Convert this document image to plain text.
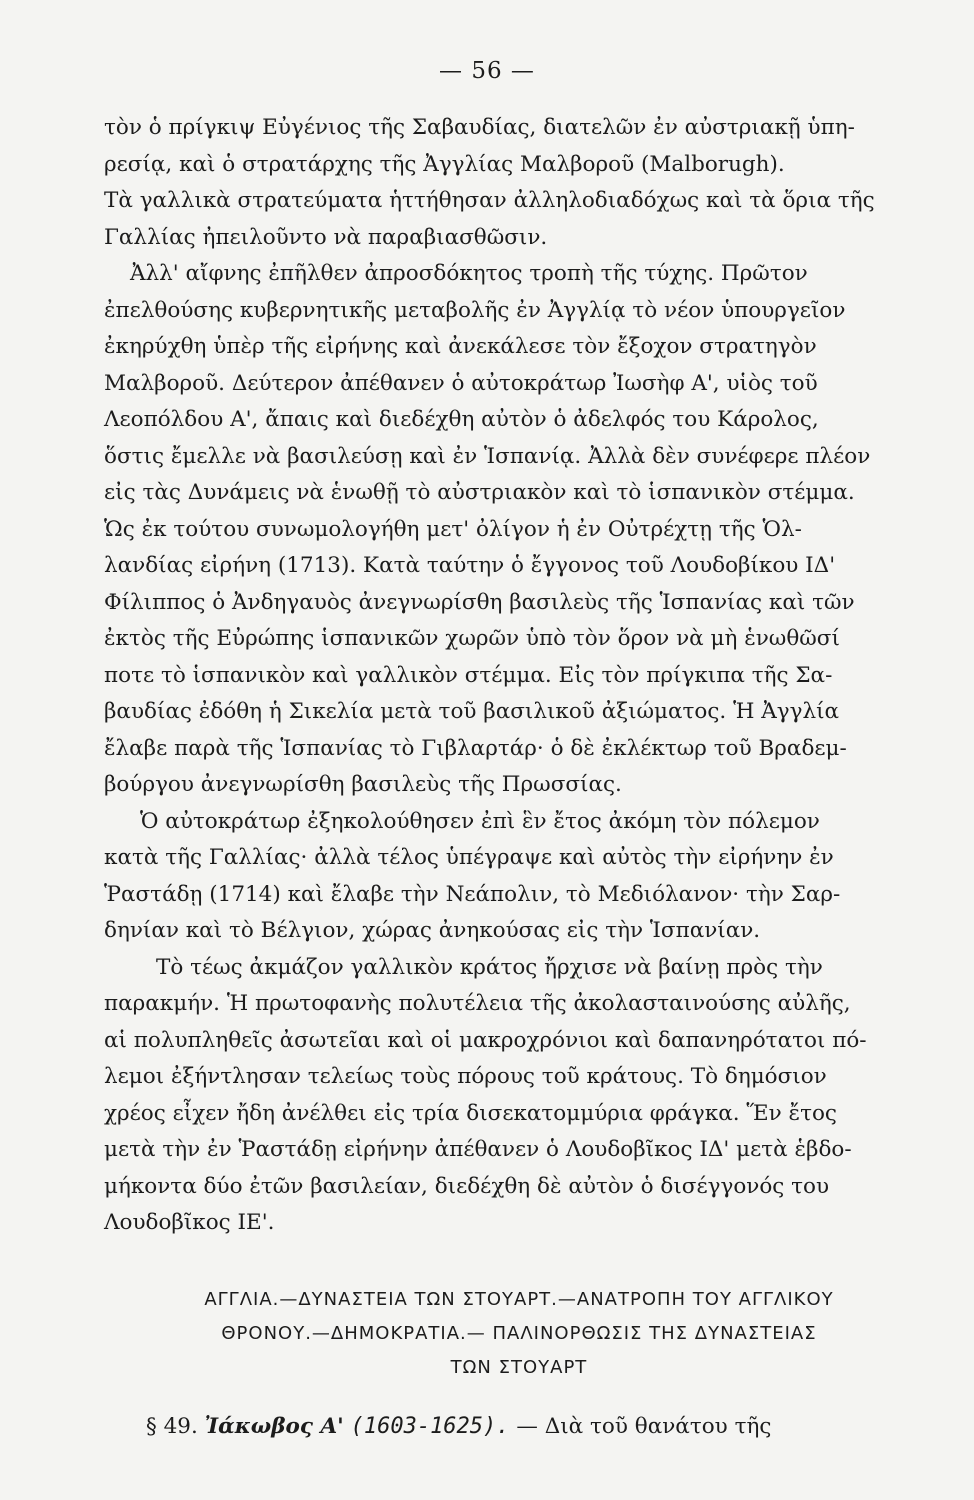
— 56 —

τὸν ὁ πρίγκιψ Εὐγένιος τῆς Σαβαυδίας, διατελῶν ἐν αὐστριακῇ ὑπη-

ρεσίᾳ, καὶ ὁ στρατάρχης τῆς Ἀγγλίας Μαλβορoῦ (Malborugh).

Τὰ γαλλικὰ στρατεύματα ἡττήθησαν ἀλληλοδιαδόχως καὶ τὰ ὅρια τῆς

Γαλλίας ἠπειλοῦντο νὰ παραβιασθῶσιν.

Ἀλλ' αἴφνης ἐπῆλθεν ἀπροσδόκητος τροπὴ τῆς τύχης. Πρῶτον

ἐπελθούσης κυβερνητικῆς μεταβολῆς ἐν Ἀγγλίᾳ τὸ νέον ὑπουργεῖον

ἐκηρύχθη ὑπὲρ τῆς εἰρήνης καὶ ἀνεκάλεσε τὸν ἔξοχον στρατηγὸν

Μαλβορoῦ. Δεύτερον ἀπέθανεν ὁ αὐτοκράτωρ Ἰωσὴφ Α', υἱὸς τοῦ

Λεοπόλδου Α', ἄπαις καὶ διεδέχθη αὐτὸν ὁ ἀδελφός του Κάρολος,

ὅστις ἔμελλε νὰ βασιλεύσῃ καὶ ἐν Ἱσπανίᾳ. Ἀλλὰ δὲν συνέφερε πλέον

εἰς τὰς Δυνάμεις νὰ ἑνωθῇ τὸ αὐστριακὸν καὶ τὸ ἱσπανικὸν στέμμα.

Ὡς ἐκ τούτου συνωμολογήθη μετ' ὀλίγον ἡ ἐν Οὐτρέχτῃ τῆς Ὁλ-

λανδίας εἰρήνη (1713). Κατὰ ταύτην ὁ ἔγγονος τοῦ Λουδοβίκου ΙΔ'

Φίλιππος ὁ Ἀνδηγαυὸς ἀνεγνωρίσθη βασιλεὺς τῆς Ἱσπανίας καὶ τῶν

ἐκτὸς τῆς Εὐρώπης ἱσπανικῶν χωρῶν ὑπὸ τὸν ὅρον νὰ μὴ ἑνωθῶσί

ποτε τὸ ἱσπανικὸν καὶ γαλλικὸν στέμμα. Εἰς τὸν πρίγκιπα τῆς Σα-

βαυδίας ἐδόθη ἡ Σικελία μετὰ τοῦ βασιλικοῦ ἀξιώματος. Ἡ Ἀγγλία

ἔλαβε παρὰ τῆς Ἱσπανίας τὸ Γιβλαρτάρ· ὁ δὲ ἐκλέκτωρ τοῦ Βραδεμ-

βούργου ἀνεγνωρίσθη βασιλεὺς τῆς Πρωσσίας.

Ὁ αὐτοκράτωρ ἐξηκολούθησεν ἐπὶ ἓν ἔτος ἀκόμη τὸν πόλεμον

κατὰ τῆς Γαλλίας· ἀλλὰ τέλος ὑπέγραψε καὶ αὐτὸς τὴν εἰρήνην ἐν

Ῥαστάδῃ (1714) καὶ ἔλαβε τὴν Νεάπολιν, τὸ Μεδιόλανον· τὴν Σαρ-

δηνίαν καὶ τὸ Βέλγιον, χώρας ἀνηκούσας εἰς τὴν Ἱσπανίαν.

Τὸ τέως ἀκμάζον γαλλικὸν κράτος ἤρχισε νὰ βαίνῃ πρὸς τὴν

παρακμήν. Ἡ πρωτοφανὴς πολυτέλεια τῆς ἀκολασταινούσης αὐλῆς,

αἱ πολυπληθεῖς ἀσωτεῖαι καὶ οἱ μακροχρόνιοι καὶ δαπανηρότατοι πό-

λεμοι ἐξήντλησαν τελείως τοὺς πόρους τοῦ κράτους. Τὸ δημόσιον

χρέος εἶχεν ἤδη ἀνέλθει εἰς τρία δισεκατομμύρια φράγκα. Ἕν ἔτος

μετὰ τὴν ἐν Ῥαστάδῃ εἰρήνην ἀπέθανεν ὁ Λουδοβῖκος ΙΔ' μετὰ ἑβδο-

μήκοντα δύο ἐτῶν βασιλείαν, διεδέχθη δὲ αὐτὸν ὁ δισέγγονός του

Λουδοβῖκος ΙΕ'.

ΑΓΓΛΙΑ.—ΔΥΝΑΣΤΕΙΑ ΤΩΝ ΣΤΟΥΑΡΤ.—ΑΝΑΤΡΟΠΗ ΤΟΥ ΑΓΓΛΙΚΟΥ
ΘΡΟΝΟΥ.—ΔΗΜΟΚΡΑΤΙΑ.— ΠΑΛΙΝΟΡΘΩΣΙΣ ΤΗΣ ΔΥΝΑΣΤΕΙΑΣ
ΤΩΝ ΣΤΟΥΑΡΤ
§ 49. Ἰάκωβος Α' (1603-1625). — Διὰ τοῦ θανάτου τῆς
